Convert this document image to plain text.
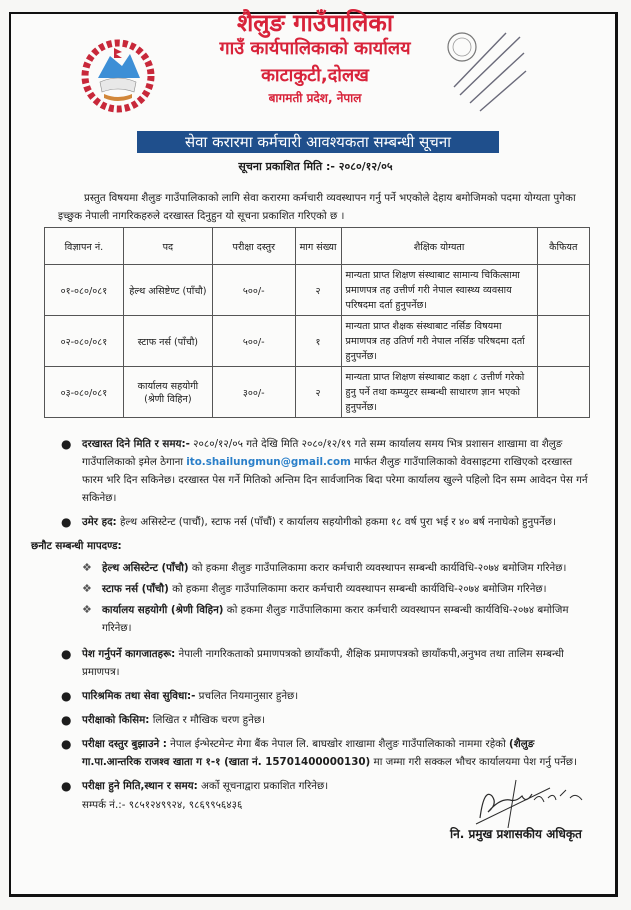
शैलुङ गाउँपालिका
गाउँ कार्यपालिकाको कार्यालय
काटाकुटी,दोलख
बागमती प्रदेश, नेपाल
सेवा करारमा कर्मचारी आवश्यकता सम्बन्धी सूचना
सूचना प्रकाशित मिति :- २०८०/१२/०५
प्रस्तुत विषयमा शैलुङ गाउँपालिकाको लागि सेवा करारमा कर्मचारी व्यवस्थापन गर्नु पर्ने भएकोले देहाय बमोजिमको पदमा योग्यता पुगेका इच्छुक नेपाली नागरिकहरुले दरखास्त दिनुहुन यो सूचना प्रकाशित गरिएको छ ।
विज्ञापन नं.	पद	परीक्षा दस्तुर	माग संख्या	शैक्षिक योग्यता	कैफियत
०१-०८०/०८१	हेल्थ असिष्टेण्ट (पाँचौ)	५००/-	२	मान्यता प्राप्त शिक्षण संस्थाबाट सामान्य चिकित्सामा प्रमाणपत्र तह उत्तीर्ण गरी नेपाल स्वास्थ्य व्यवसाय परिषदमा दर्ता हुनुपर्नेछ।	
०२-०८०/०८१	स्टाफ नर्स (पाँचौ)	५००/-	१	मान्यता प्राप्त शैक्षक संस्थाबाट नर्सिङ विषयमा प्रमाणपत्र तह उतिर्ण गरी नेपाल नर्सिङ परिषदमा दर्ता हुनुपर्नेछ।	
०३-०८०/०८१	कार्यालय सहयोगी (श्रेणी विहिन)	३००/-	२	मान्यता प्राप्त शिक्षण संस्थाबाट कक्षा ८ उत्तीर्ण गरेको हुनु पर्ने तथा कम्प्युटर सम्बन्धी साधारण ज्ञान भएको हुनुपर्नेछ।	
● दरखास्त दिने मिति र समय:- २०८०/१२/०५ गते देखि मिति २०८०/१२/१९ गते सम्म कार्यालय समय भित्र प्रशासन शाखामा वा शैलुङ गाउँपालिकाको इमेल ठेगाना ito.shailungmun@gmail.com मार्फत शैलुङ गाउँपालिकाको वेवसाइटमा राखिएको दरखास्त फारम भरि दिन सकिनेछ। दरखास्त पेस गर्ने मितिको अन्तिम दिन सार्वजानिक बिदा परेमा कार्यालय खुल्ने पहिलो दिन सम्म आवेदन पेस गर्न सकिनेछ।
● उमेर हद: हेल्थ असिस्टेन्ट (पाचौं), स्टाफ नर्स (पाँचौं) र कार्यालय सहयोगीको हकमा १८ वर्ष पुरा भई र ४० बर्ष ननाघेको हुनुपर्नेछ।
छनौट सम्बन्धी मापदण्ड:
❖ हेल्थ असिस्टेन्ट (पाँचौ) को हकमा शैलुङ गाउँपालिकामा करार कर्मचारी व्यवस्थापन सम्बन्धी कार्यविधि-२०७४ बमोजिम गरिनेछ।
❖ स्टाफ नर्स (पाँचौ) को हकमा शैलुङ गाउँपालिकामा करार कर्मचारी व्यवस्थापन सम्बन्धी कार्यविधि-२०७४ बमोजिम गरिनेछ।
❖ कार्यालय सहयोगी (श्रेणी विहिन) को हकमा शैलुङ गाउँपालिकामा करार कर्मचारी व्यवस्थापन सम्बन्धी कार्यविधि-२०७४ बमोजिम गरिनेछ।
● पेश गर्नुपर्ने कागजातहरू: नेपाली नागरिकताको प्रमाणपत्रको छायाँकपी, शैक्षिक प्रमाणपत्रको छायाँकपी,अनुभव तथा तालिम सम्बन्धी प्रमाणपत्र।
● पारिश्रमिक तथा सेवा सुविधा:- प्रचलित नियमानुसार हुनेछ।
● परीक्षाको किसिम: लिखित र मौखिक चरण हुनेछ।
● परीक्षा दस्तुर बुझाउने : नेपाल ईन्भेस्टमेन्ट मेगा बैंक नेपाल लि. बाघखोर शाखामा शैलुङ गाउँपालिकाको नाममा रहेको (शैलुङ गा.पा.आन्तरिक राजश्व खाता ग १-१ (खाता नं. 15701400000130) मा जम्मा गरी सक्कल भौचर कार्यालयमा पेश गर्नु पर्नेछ।
● परीक्षा हुने मिति,स्थान र समय: अर्को सूचनाद्वारा प्रकाशित गरिनेछ।
सम्पर्क नं.:- ९८५१२४९९२४, ९८६९९५६४३६
नि. प्रमुख प्रशासकीय अधिकृत
